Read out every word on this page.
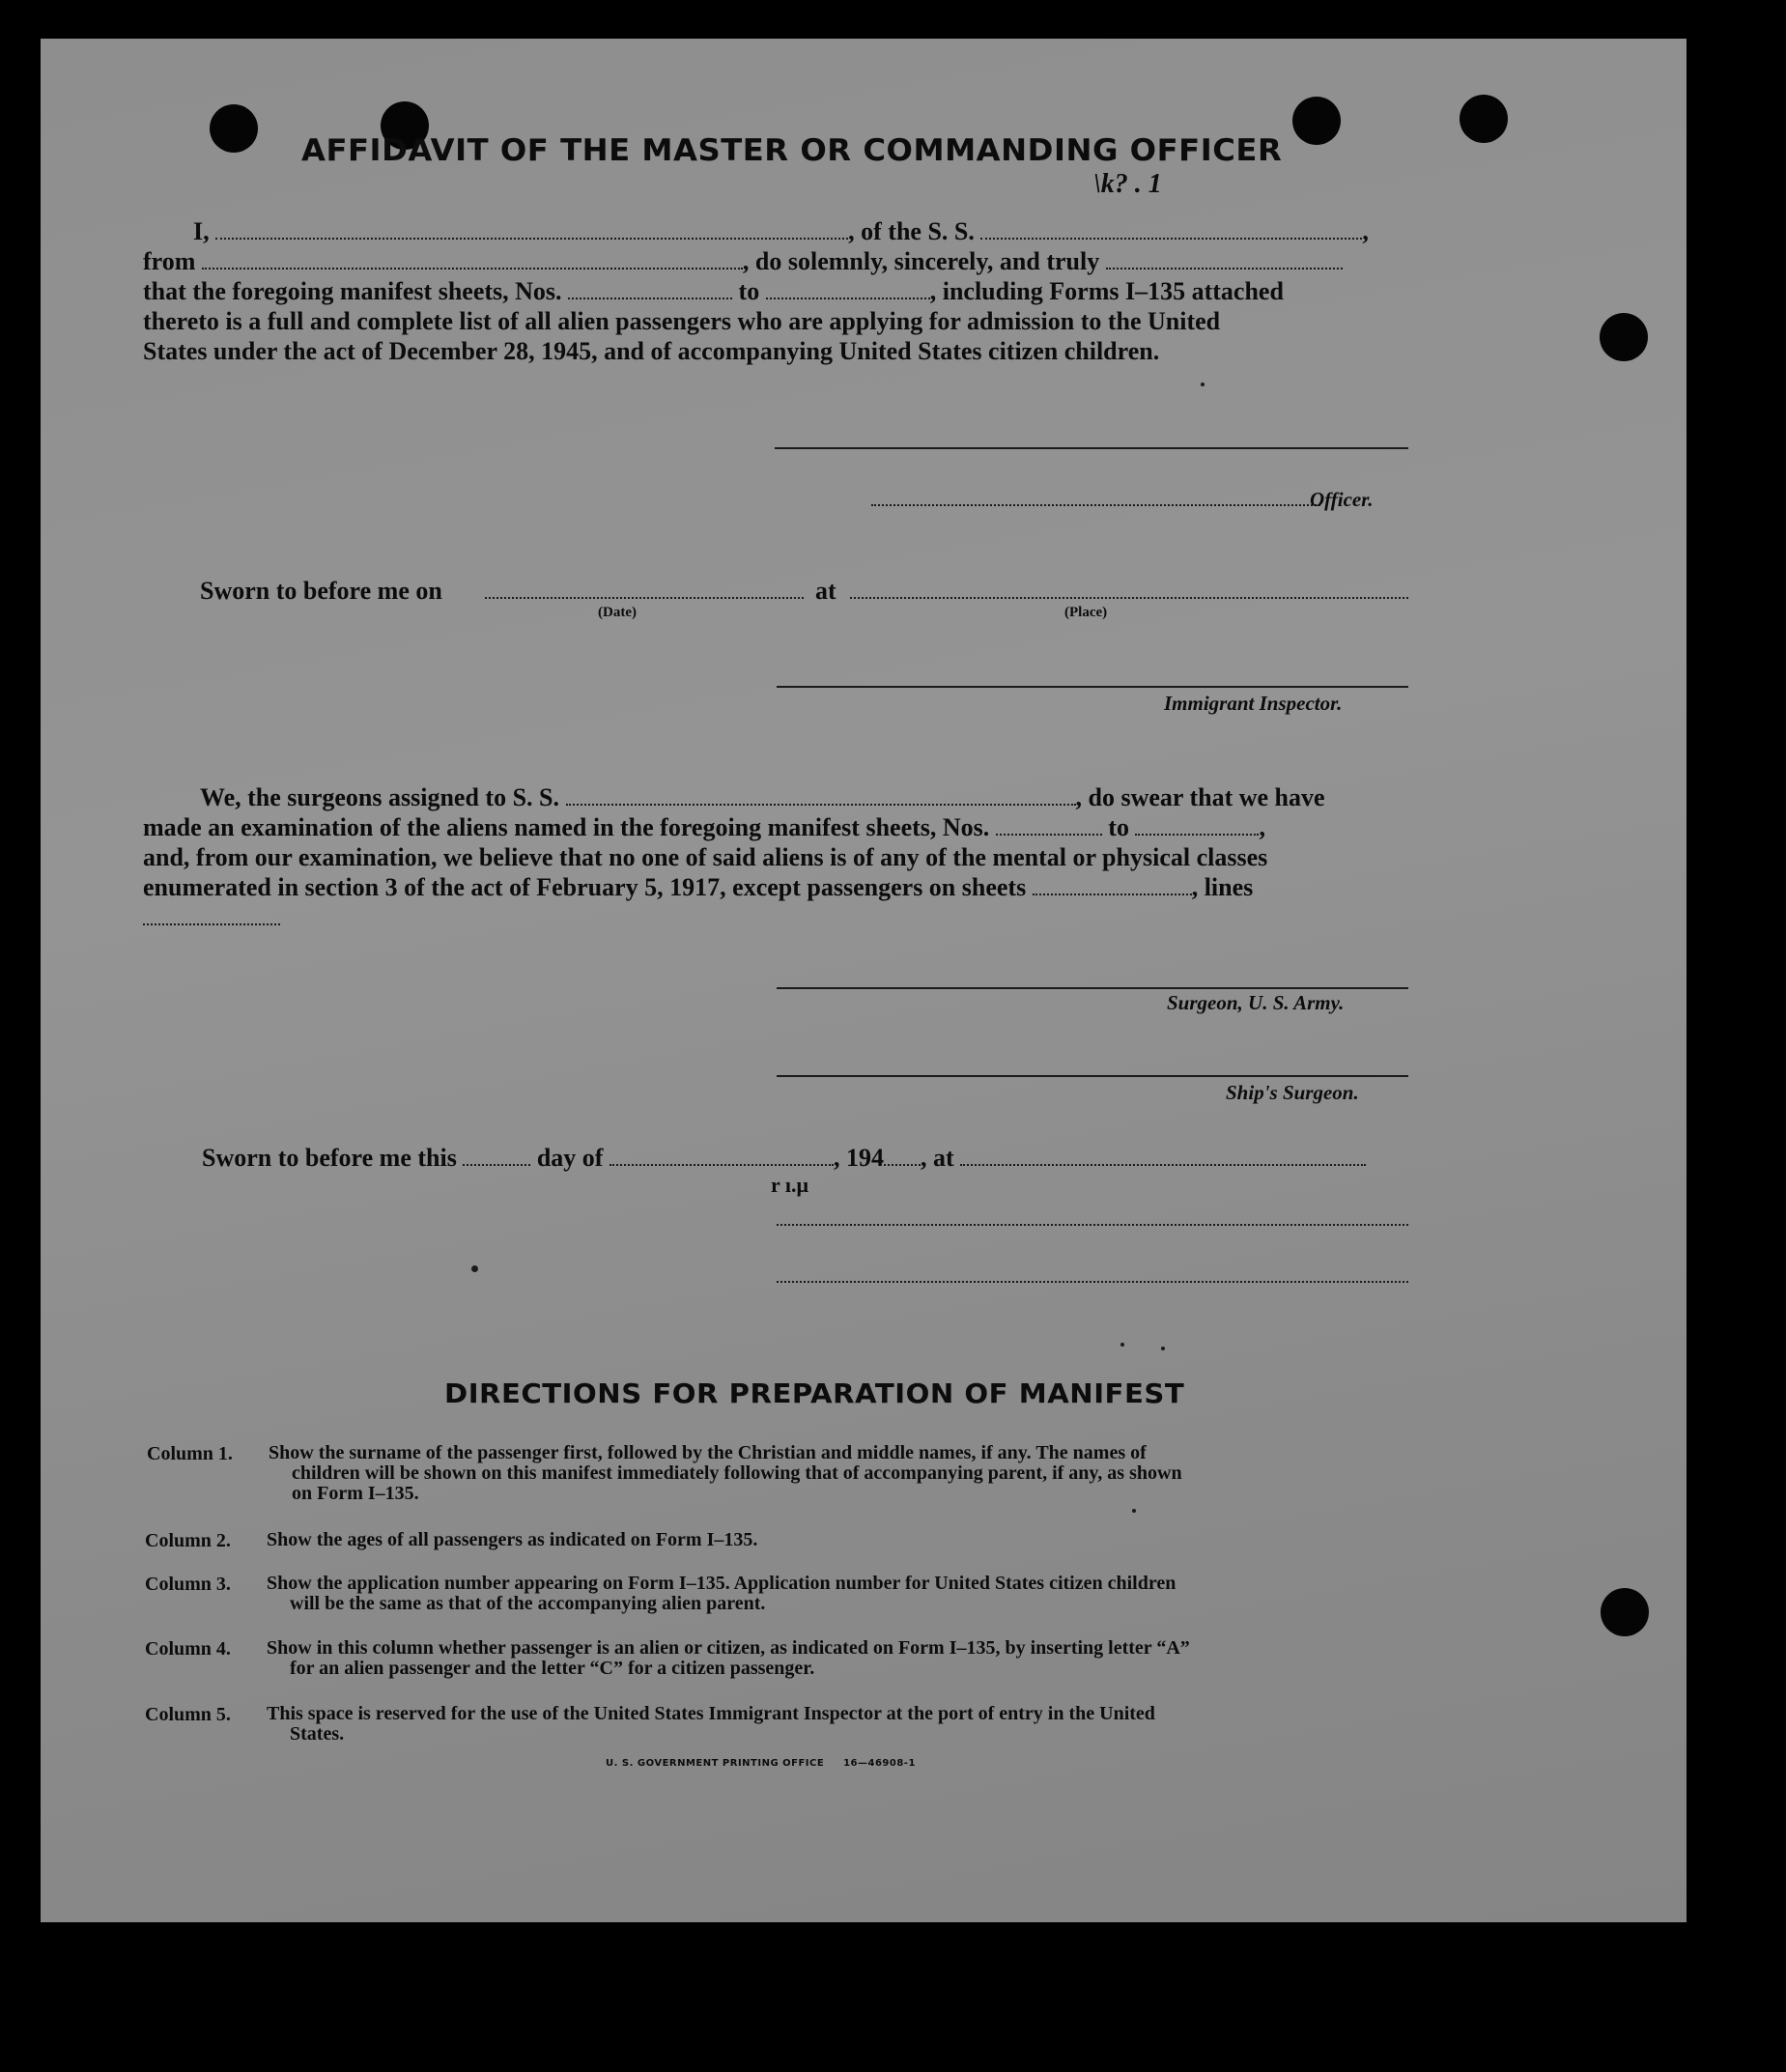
AFFIDAVIT OF THE MASTER OR COMMANDING OFFICER
\k? . 1
I,	, of the S. S.	,
from	, do solemnly, sincerely, and truly
that the foregoing manifest sheets, Nos.	to	, including Forms I–135 attached
thereto is a full and complete list of all alien passengers who are applying for admission to the United
States under the act of December 28, 1945, and of accompanying United States citizen children.
Officer.
Sworn to before me on	at
(Date)	(Place)
Immigrant Inspector.
We, the surgeons assigned to S. S.	, do swear that we have
made an examination of the aliens named in the foregoing manifest sheets, Nos.	to	,
and, from our examination, we believe that no one of said aliens is of any of the mental or physical classes
enumerated in section 3 of the act of February 5, 1917, except passengers on sheets	, lines
Surgeon, U. S. Army.
Ship's Surgeon.
Sworn to before me this	day of	, 194 , at
r ı.μ
DIRECTIONS FOR PREPARATION OF MANIFEST
Column 1. Show the surname of the passenger first, followed by the Christian and middle names, if any. The names of
children will be shown on this manifest immediately following that of accompanying parent, if any, as shown
on Form I–135.
Column 2. Show the ages of all passengers as indicated on Form I–135.
Column 3. Show the application number appearing on Form I–135. Application number for United States citizen children
will be the same as that of the accompanying alien parent.
Column 4. Show in this column whether passenger is an alien or citizen, as indicated on Form I–135, by inserting letter “A”
for an alien passenger and the letter “C” for a citizen passenger.
Column 5. This space is reserved for the use of the United States Immigrant Inspector at the port of entry in the United
States.
U. S. GOVERNMENT PRINTING OFFICE     16—46908-1
